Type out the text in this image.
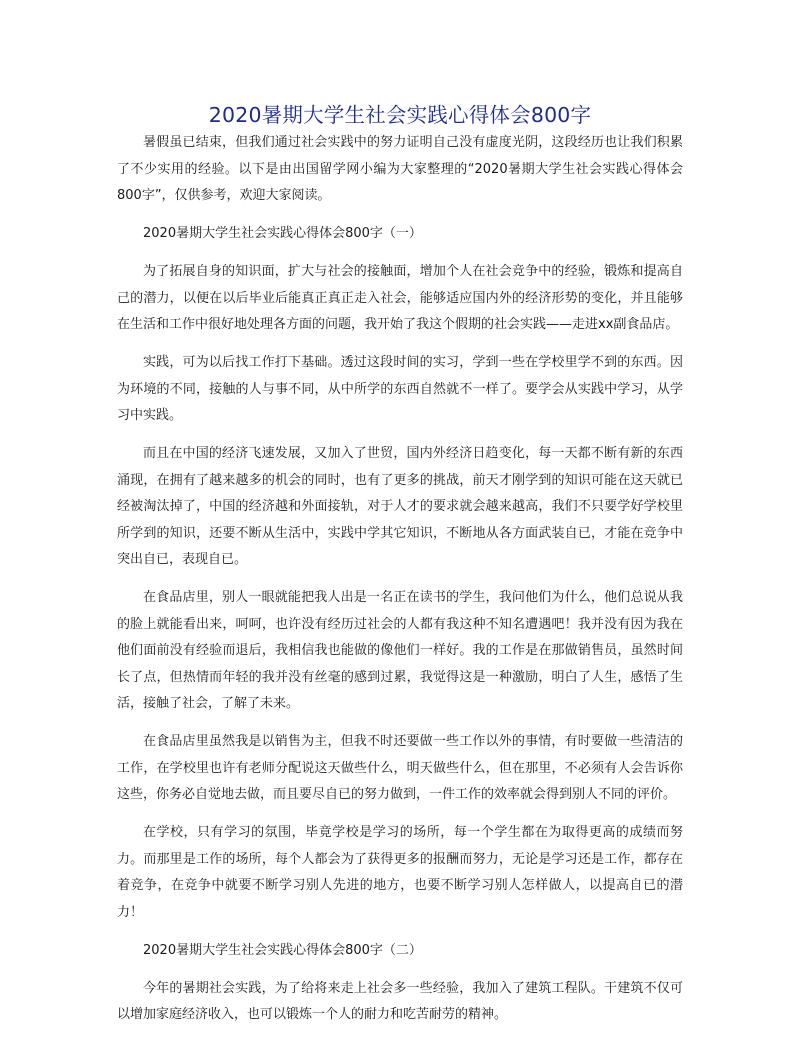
2020暑期大学生社会实践心得体会800字

暑假虽已结束，但我们通过社会实践中的努力证明自己没有虚度光阴，这段经历也让我们积累了不少实用的经验。以下是由出国留学网小编为大家整理的“2020暑期大学生社会实践心得体会800字”，仅供参考，欢迎大家阅读。

2020暑期大学生社会实践心得体会800字（一）

为了拓展自身的知识面，扩大与社会的接触面，增加个人在社会竞争中的经验，锻炼和提高自己的潜力，以便在以后毕业后能真正真正走入社会，能够适应国内外的经济形势的变化，并且能够在生活和工作中很好地处理各方面的问题，我开始了我这个假期的社会实践——走进xx副食品店。

实践，可为以后找工作打下基础。透过这段时间的实习，学到一些在学校里学不到的东西。因为环境的不同，接触的人与事不同，从中所学的东西自然就不一样了。要学会从实践中学习，从学习中实践。

而且在中国的经济飞速发展，又加入了世贸，国内外经济日趋变化，每一天都不断有新的东西涌现，在拥有了越来越多的机会的同时，也有了更多的挑战，前天才刚学到的知识可能在这天就已经被淘汰掉了，中国的经济越和外面接轨，对于人才的要求就会越来越高，我们不只要学好学校里所学到的知识，还要不断从生活中，实践中学其它知识，不断地从各方面武装自已，才能在竞争中突出自已，表现自已。

在食品店里，别人一眼就能把我人出是一名正在读书的学生，我问他们为什么，他们总说从我的脸上就能看出来，呵呵，也许没有经历过社会的人都有我这种不知名遭遇吧！我并没有因为我在他们面前没有经验而退后，我相信我也能做的像他们一样好。我的工作是在那做销售员，虽然时间长了点，但热情而年轻的我并没有丝毫的感到过累，我觉得这是一种激励，明白了人生，感悟了生活，接触了社会，了解了未来。

在食品店里虽然我是以销售为主，但我不时还要做一些工作以外的事情，有时要做一些清洁的工作，在学校里也许有老师分配说这天做些什么，明天做些什么，但在那里，不必须有人会告诉你这些，你务必自觉地去做，而且要尽自已的努力做到，一件工作的效率就会得到别人不同的评价。

在学校，只有学习的氛围，毕竟学校是学习的场所，每一个学生都在为取得更高的成绩而努力。而那里是工作的场所，每个人都会为了获得更多的报酬而努力，无论是学习还是工作，都存在着竞争，在竞争中就要不断学习别人先进的地方，也要不断学习别人怎样做人，以提高自已的潜力！

2020暑期大学生社会实践心得体会800字（二）

今年的暑期社会实践，为了给将来走上社会多一些经验，我加入了建筑工程队。干建筑不仅可以增加家庭经济收入，也可以锻炼一个人的耐力和吃苦耐劳的精神。
